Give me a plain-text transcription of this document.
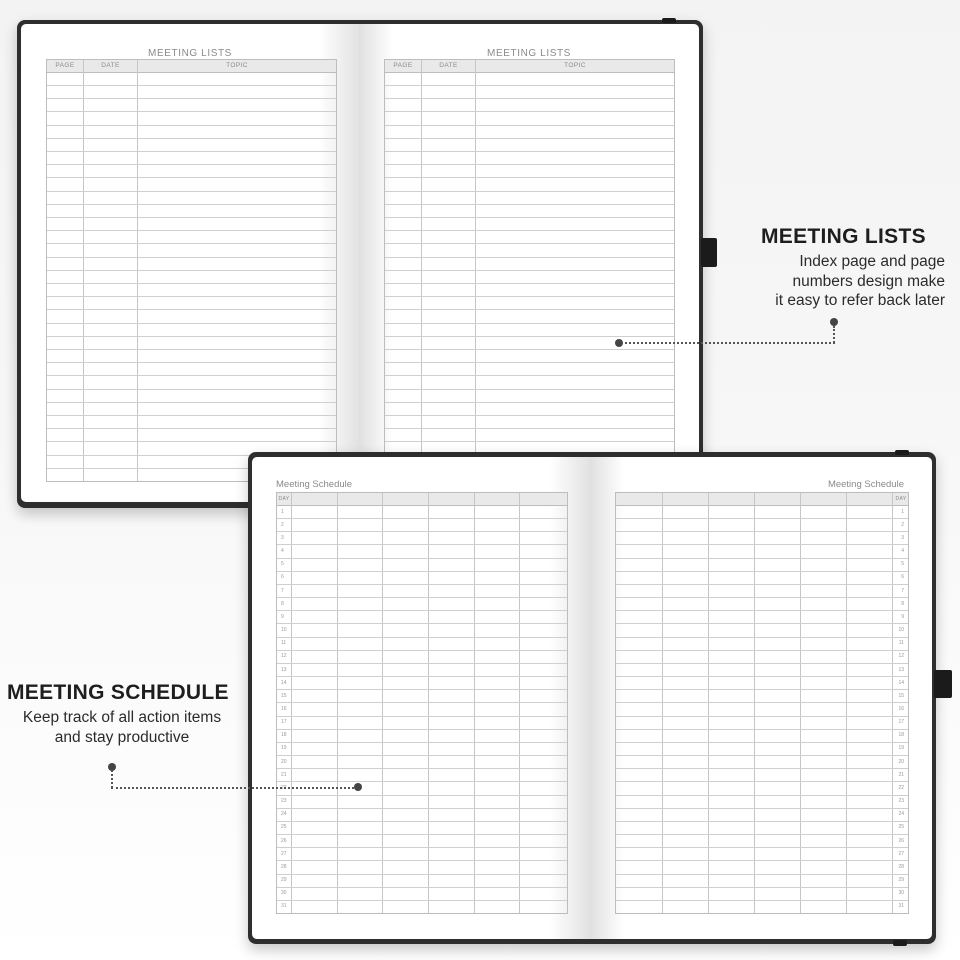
MEETING LISTS
PAGE	DATE	TOPIC
MEETING LISTS
PAGE	DATE	TOPIC
Meeting Schedule
DAY
1
2
3
4
5
6
7
8
9
10
11
12
13
14
15
16
17
18
19
20
21
22
23
24
25
26
27
28
29
30
31
Meeting Schedule
DAY
1
2
3
4
5
6
7
8
9
10
11
12
13
14
15
16
17
18
19
20
21
22
23
24
25
26
27
28
29
30
31
MEETING LISTS
Index page and page
numbers design make
it easy to refer back later
MEETING SCHEDULE
Keep track of all action items
and stay productive
